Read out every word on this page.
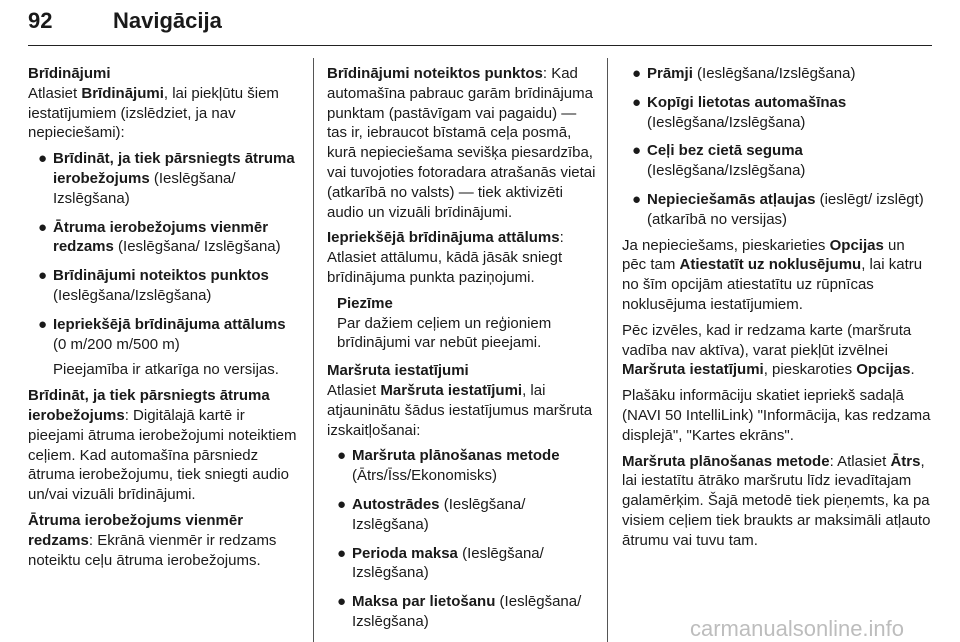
92	Navigācija
Brīdinājumi

Atlasiet Brīdinājumi, lai piekļūtu šiem iestatījumiem (izslēdziet, ja nav nepieciešami):

● Brīdināt, ja tiek pārsniegts ātruma ierobežojums (Ieslēgšana/ Izslēgšana)
● Ātruma ierobežojums vienmēr redzams (Ieslēgšana/ Izslēgšana)
● Brīdinājumi noteiktos punktos (Ieslēgšana/Izslēgšana)
● Iepriekšējā brīdinājuma attālums (0 m/200 m/500 m)

Pieejamība ir atkarīga no versijas.

Brīdināt, ja tiek pārsniegts ātruma ierobežojums: Digitālajā kartē ir pieejami ātruma ierobežojumi noteiktiem ceļiem. Kad automašīna pārsniedz ātruma ierobežojumu, tiek sniegti audio un/vai vizuāli brīdinājumi.

Ātruma ierobežojums vienmēr redzams: Ekrānā vienmēr ir redzams noteiktu ceļu ātruma ierobežojums.

Brīdinājumi noteiktos punktos: Kad automašīna pabrauc garām brīdinājuma punktam (pastāvīgam vai pagaidu) — tas ir, iebraucot bīstamā ceļa posmā, kurā nepieciešama sevišķa piesardzība, vai tuvojoties fotoradara atrašanās vietai (atkarībā no valsts) — tiek aktivizēti audio un vizuāli brīdinājumi.

Iepriekšējā brīdinājuma attālums: Atlasiet attālumu, kādā jāsāk sniegt brīdinājuma punkta paziņojumi.

Piezīme
Par dažiem ceļiem un reģioniem brīdinājumi var nebūt pieejami.
Maršruta iestatījumi

Atlasiet Maršruta iestatījumi, lai atjauninātu šādus iestatījumus maršruta izskaitļošanai:

● Maršruta plānošanas metode (Ātrs/Īss/Ekonomisks)
● Autostrādes (Ieslēgšana/ Izslēgšana)
● Perioda maksa (Ieslēgšana/ Izslēgšana)
● Maksa par lietošanu (Ieslēgšana/ Izslēgšana)
● Prāmji (Ieslēgšana/Izslēgšana)
● Kopīgi lietotas automašīnas (Ieslēgšana/Izslēgšana)
● Ceļi bez cietā seguma (Ieslēgšana/Izslēgšana)
● Nepieciešamās atļaujas (ieslēgt/ izslēgt) (atkarībā no versijas)

Ja nepieciešams, pieskarieties Opcijas un pēc tam Atiestatīt uz noklusējumu, lai katru no šīm opcijām atiestatītu uz rūpnīcas noklusējuma iestatījumiem.

Pēc izvēles, kad ir redzama karte (maršruta vadība nav aktīva), varat piekļūt izvēlnei Maršruta iestatījumi, pieskaroties Opcijas.

Plašāku informāciju skatiet iepriekš sadaļā (NAVI 50 IntelliLink) "Informācija, kas redzama displejā", "Kartes ekrāns".

Maršruta plānošanas metode: Atlasiet Ātrs, lai iestatītu ātrāko maršrutu līdz ievadītajam galamērķim. Šajā metodē tiek pieņemts, ka pa visiem ceļiem tiek braukts ar maksimāli atļauto ātrumu vai tuvu tam.

carmanualsonline.info
